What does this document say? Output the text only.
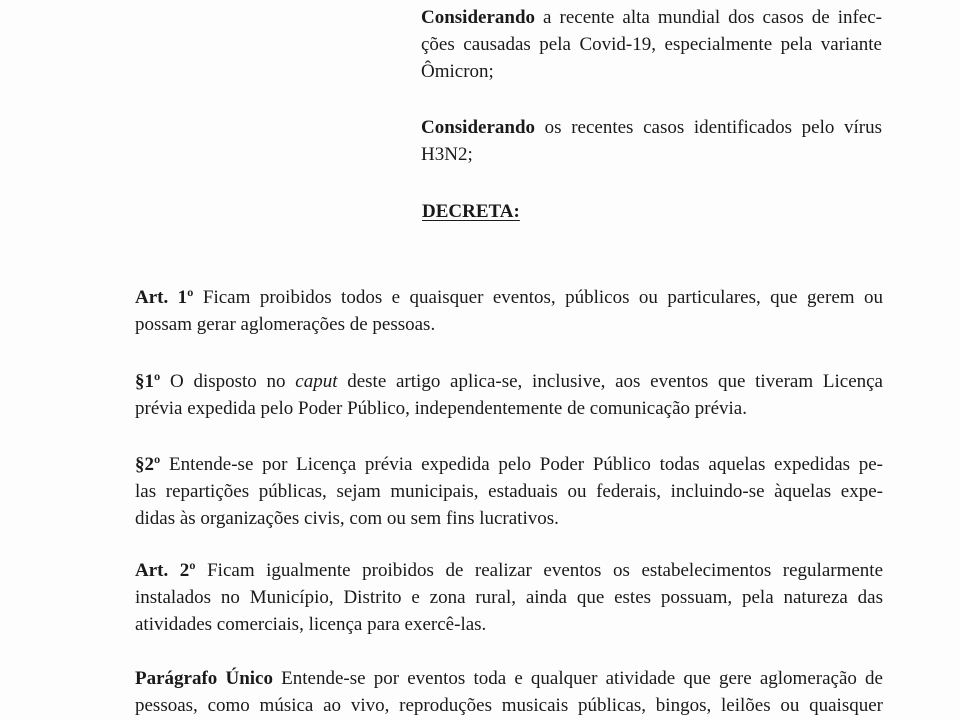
Considerando a recente alta mundial dos casos de infec-
ções causadas pela Covid-19, especialmente pela variante
Ômicron;

Considerando os recentes casos identificados pelo vírus
H3N2;

DECRETA:

Art. 1º Ficam proibidos todos e quaisquer eventos, públicos ou particulares, que gerem ou
possam gerar aglomerações de pessoas.

§1º O disposto no caput deste artigo aplica-se, inclusive, aos eventos que tiveram Licença
prévia expedida pelo Poder Público, independentemente de comunicação prévia.

§2º Entende-se por Licença prévia expedida pelo Poder Público todas aquelas expedidas pe-
las repartições públicas, sejam municipais, estaduais ou federais, incluindo-se àquelas expe-
didas às organizações civis, com ou sem fins lucrativos.

Art. 2º Ficam igualmente proibidos de realizar eventos os estabelecimentos regularmente
instalados no Município, Distrito e zona rural, ainda que estes possuam, pela natureza das
atividades comerciais, licença para exercê-las.

Parágrafo Único Entende-se por eventos toda e qualquer atividade que gere aglomeração de
pessoas, como música ao vivo, reproduções musicais públicas, bingos, leilões ou quaisquer
